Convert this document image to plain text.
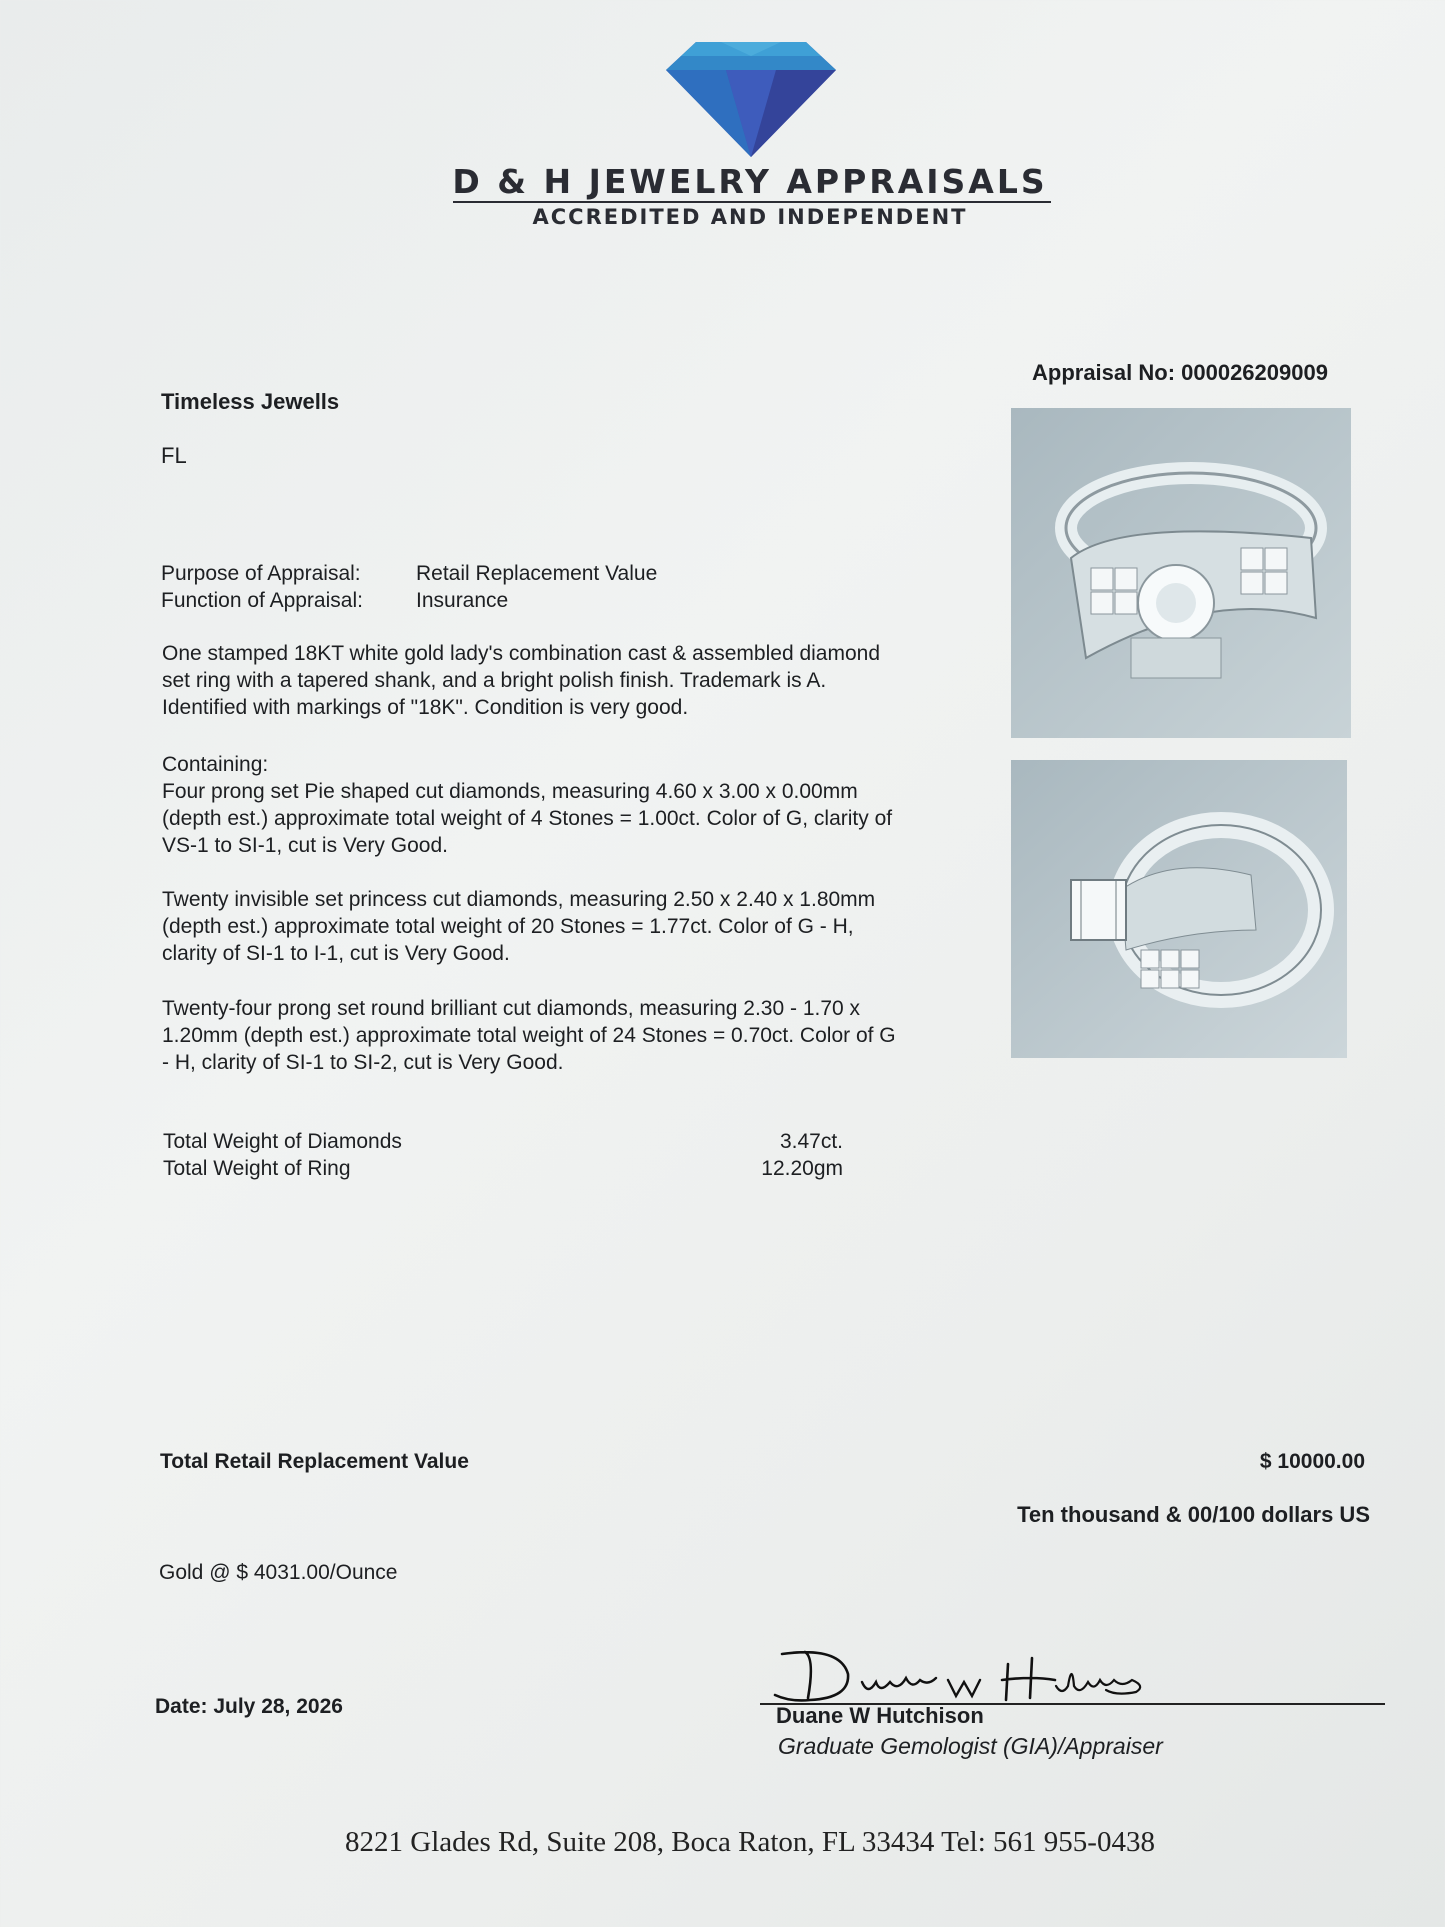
D & H JEWELRY APPRAISALS
ACCREDITED AND INDEPENDENT
Appraisal No: 000026209009
Timeless Jewells
FL
Purpose of Appraisal:	Retail Replacement Value
Function of Appraisal:	Insurance
One stamped 18KT white gold lady's combination cast & assembled diamond
set ring with a tapered shank, and a bright polish finish. Trademark is A.
Identified with markings of "18K". Condition is very good.
Containing:
Four prong set Pie shaped cut diamonds, measuring 4.60 x 3.00 x 0.00mm
(depth est.) approximate total weight of 4 Stones = 1.00ct. Color of G, clarity of
VS-1 to SI-1, cut is Very Good.
Twenty invisible set princess cut diamonds, measuring 2.50 x 2.40 x 1.80mm
(depth est.) approximate total weight of 20 Stones = 1.77ct. Color of G - H,
clarity of SI-1 to I-1, cut is Very Good.
Twenty-four prong set round brilliant cut diamonds, measuring 2.30 - 1.70 x
1.20mm (depth est.) approximate total weight of 24 Stones = 0.70ct. Color of G
- H, clarity of SI-1 to SI-2, cut is Very Good.
Total Weight of Diamonds	3.47ct.
Total Weight of Ring	12.20gm
Total Retail Replacement Value	$ 10000.00
Ten thousand & 00/100 dollars US
Gold @ $ 4031.00/Ounce
Date: July 28, 2026	Duane W Hutchison
Graduate Gemologist (GIA)/Appraiser
8221 Glades Rd, Suite 208, Boca Raton, FL 33434 Tel: 561 955-0438
